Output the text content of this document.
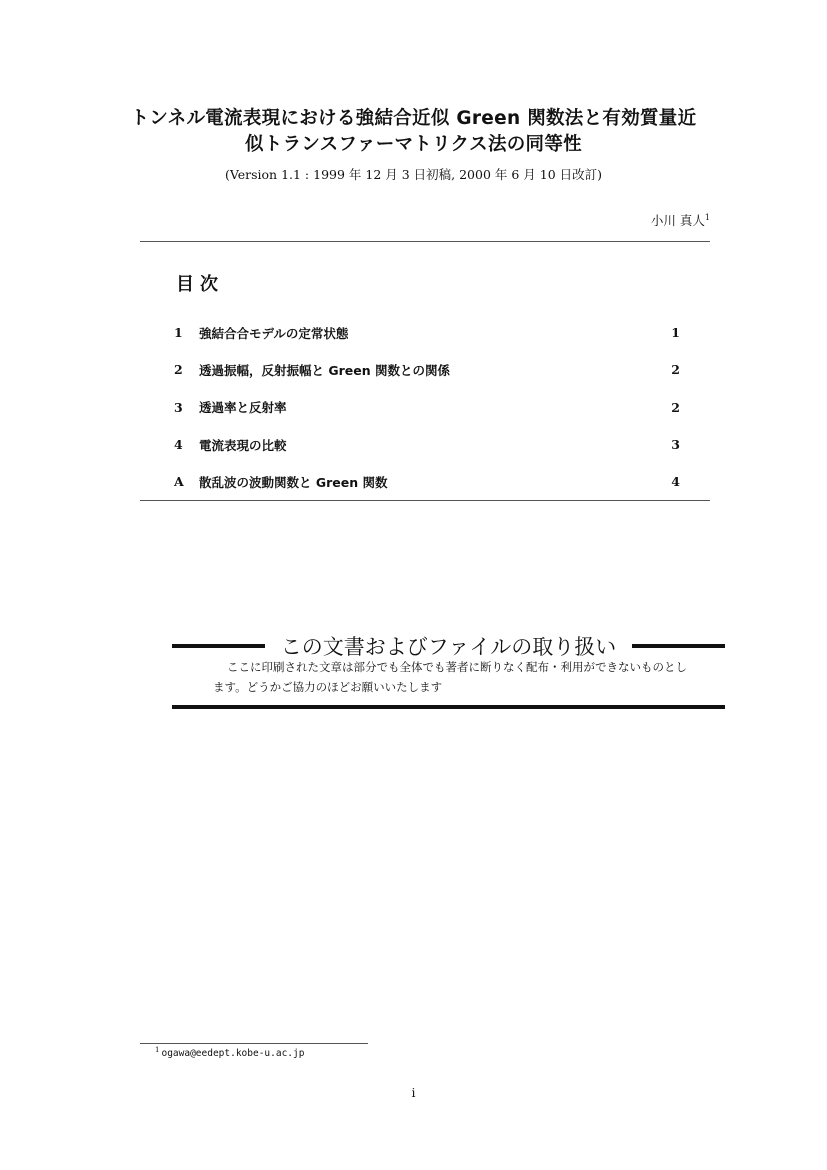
トンネル電流表現における強結合近似 Green 関数法と有効質量近
似トランスファーマトリクス法の同等性
(Version 1.1 : 1999 年 12 月 3 日初稿, 2000 年 6 月 10 日改訂)
小川 真人$^1$
目次
1	強結合合モデルの定常状態	1
2	透過振幅，反射振幅と Green 関数との関係	2
3	透過率と反射率	2
4	電流表現の比較	3
A	散乱波の波動関数と Green 関数	4
この文書およびファイルの取り扱い
ここに印刷された文章は部分でも全体でも著者に断りなく配布・利用ができないものとします。どうかご協力のほどお願いいたします
$^1$ ogawa@eedept.kobe-u.ac.jp
i
